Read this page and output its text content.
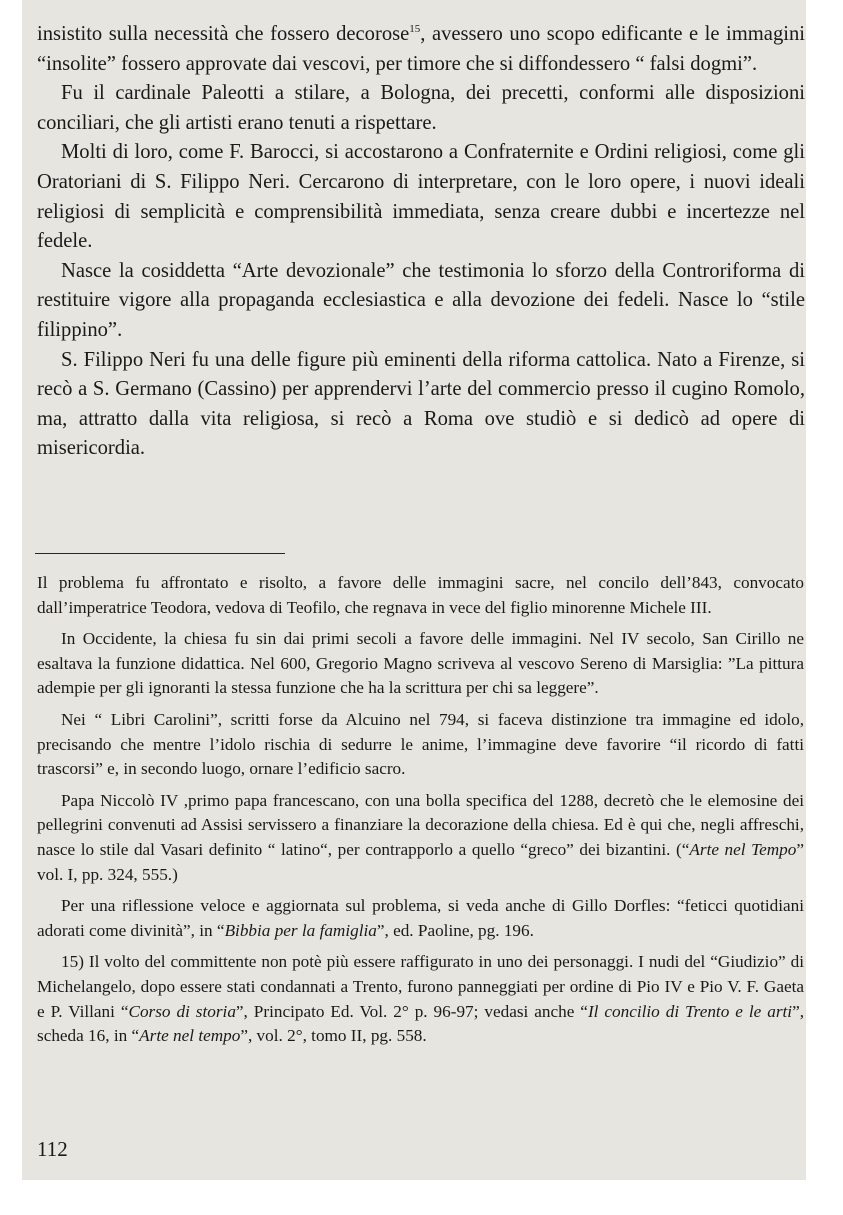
insistito sulla necessità che fossero decorose$^{15}$, avessero uno scopo edificante e le immagini “insolite” fossero approvate dai vescovi, per timore che si diffondessero “ falsi dogmi”.

Fu il cardinale Paleotti a stilare, a Bologna, dei precetti, conformi alle disposizioni conciliari, che gli artisti erano tenuti a rispettare.

Molti di loro, come F. Barocci, si accostarono a Confraternite e Ordini religiosi, come gli Oratoriani di S. Filippo Neri. Cercarono di interpretare, con le loro opere, i nuovi ideali religiosi di semplicità e comprensibilità immediata, senza creare dubbi e incertezze nel fedele.

Nasce la cosiddetta “Arte devozionale” che testimonia lo sforzo della Controriforma di restituire vigore alla propaganda ecclesiastica e alla devozione dei fedeli. Nasce lo “stile filippino”.

S. Filippo Neri fu una delle figure più eminenti della riforma cattolica. Nato a Firenze, si recò a S. Germano (Cassino) per apprendervi l’arte del commercio presso il cugino Romolo, ma, attratto dalla vita religiosa, si recò a Roma ove studiò e si dedicò ad opere di misericordia.

Il problema fu affrontato e risolto, a favore delle immagini sacre, nel concilo dell’843, convocato dall’imperatrice Teodora, vedova di Teofilo, che regnava in vece del figlio minorenne Michele III.

In Occidente, la chiesa fu sin dai primi secoli a favore delle immagini. Nel IV secolo, San Cirillo ne esaltava la funzione didattica. Nel 600, Gregorio Magno scriveva al vescovo Sereno di Marsiglia: ”La pittura adempie per gli ignoranti la stessa funzione che ha la scrittura per chi sa leggere”.

Nei “ Libri Carolini”, scritti forse da Alcuino nel 794, si faceva distinzione tra immagine ed idolo, precisando che mentre l’idolo rischia di sedurre le anime, l’immagine deve favorire “il ricordo di fatti trascorsi” e, in secondo luogo, ornare l’edificio sacro.

Papa Niccolò IV ,primo papa francescano, con una bolla specifica del 1288, decretò che le elemosine dei pellegrini convenuti ad Assisi servissero a finanziare la decorazione della chiesa. Ed è qui che, negli affreschi, nasce lo stile dal Vasari definito “ latino“, per contrapporlo a quello “greco” dei bizantini. (“Arte nel Tempo” vol. I, pp. 324, 555.)

Per una riflessione veloce e aggiornata sul problema, si veda anche di Gillo Dorfles: “feticci quotidiani adorati come divinità”, in “Bibbia per la famiglia”, ed. Paoline, pg. 196.

15) Il volto del committente non potè più essere raffigurato in uno dei personaggi. I nudi del “Giudizio” di Michelangelo, dopo essere stati condannati a Trento, furono panneggiati per ordine di Pio IV e Pio V. F. Gaeta e P. Villani “Corso di storia”, Principato Ed. Vol. 2° p. 96-97; vedasi anche “Il concilio di Trento e le arti”, scheda 16, in “Arte nel tempo”, vol. 2°, tomo II, pg. 558.

112
